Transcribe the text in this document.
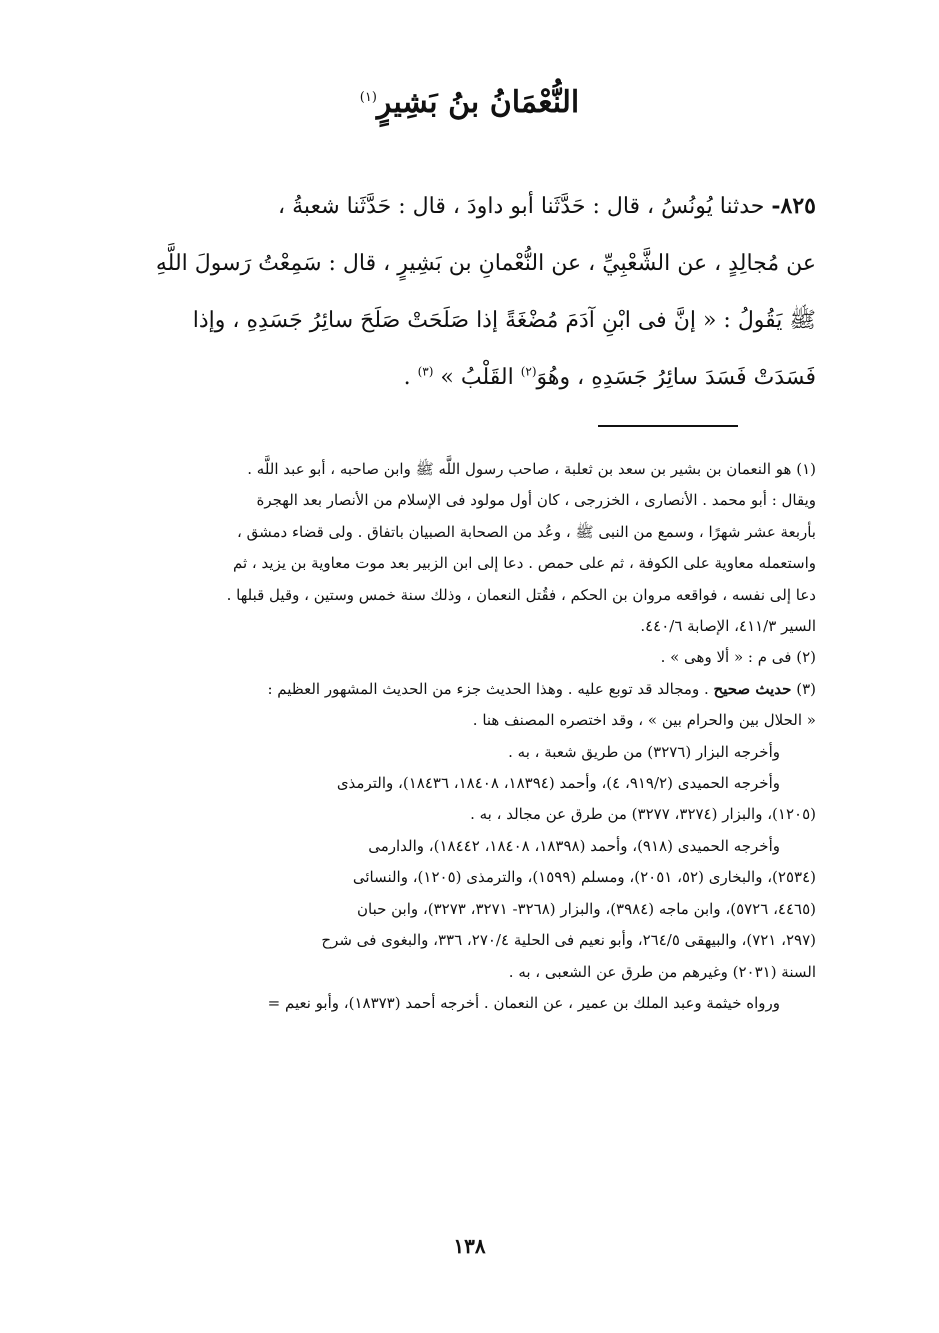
النُّعْمَانُ بنُ بَشِيرٍ$^{(١)}$
٨٢٥- حدثنا يُونُسُ ، قال : حَدَّثَنا أبو داودَ ، قال : حَدَّثَنا شعبةُ ،
عن مُجالِدٍ ، عن الشَّعْبِيِّ ، عن النُّعْمانِ بن بَشِيرٍ ، قال : سَمِعْتُ رَسولَ اللَّهِ
ﷺ يَقُولُ : « إنَّ فى ابْنِ آدَمَ مُضْغَةً إذا صَلَحَتْ صَلَحَ سائِرُ جَسَدِهِ ، وإذا
فَسَدَتْ فَسَدَ سائِرُ جَسَدِهِ ، وهُوَ$^{(٢)}$ القَلْبُ » $^{(٣)}$ .
(١) هو النعمان بن بشير بن سعد بن ثعلبة ، صاحب رسول اللَّه ﷺ وابن صاحبه ، أبو عبد اللَّه .
ويقال : أبو محمد . الأنصارى ، الخزرجى ، كان أول مولود فى الإسلام من الأنصار بعد الهجرة
بأربعة عشر شهرًا ، وسمع من النبى ﷺ ، وعُد من الصحابة الصبيان باتفاق . ولى قضاء دمشق ،
واستعمله معاوية على الكوفة ، ثم على حمص . دعا إلى ابن الزبير بعد موت معاوية بن يزيد ، ثم
دعا إلى نفسه ، فواقعه مروان بن الحكم ، فقُتل النعمان ، وذلك سنة خمس وستين ، وقيل قبلها .
السير ٤١١/٣، الإصابة ٤٤٠/٦.
(٢) فى م : « ألا وهى » .
(٣) حديث صحيح . ومجالد قد توبع عليه . وهذا الحديث جزء من الحديث المشهور العظيم :
« الحلال بين والحرام بين » ، وقد اختصره المصنف هنا .
وأخرجه البزار (٣٢٧٦) من طريق شعبة ، به .
وأخرجه الحميدى (٩١٩/٢، ٤)، وأحمد (١٨٣٩٤، ١٨٤٠٨، ١٨٤٣٦)، والترمذى
(١٢٠٥)، والبزار (٣٢٧٤، ٣٢٧٧) من طرق عن مجالد ، به .
وأخرجه الحميدى (٩١٨)، وأحمد (١٨٣٩٨، ١٨٤٠٨، ١٨٤٤٢)، والدارمى
(٢٥٣٤)، والبخارى (٥٢، ٢٠٥١)، ومسلم (١٥٩٩)، والترمذى (١٢٠٥)، والنسائى
(٤٤٦٥، ٥٧٢٦)، وابن ماجه (٣٩٨٤)، والبزار (٣٢٦٨- ٣٢٧١، ٣٢٧٣)، وابن حبان
(٢٩٧، ٧٢١)، والبيهقى ٢٦٤/٥، وأبو نعيم فى الحلية ٢٧٠/٤، ٣٣٦، والبغوى فى شرح
السنة (٢٠٣١) وغيرهم من طرق عن الشعبى ، به .
ورواه خيثمة وعبد الملك بن عمير ، عن النعمان . أخرجه أحمد (١٨٣٧٣)، وأبو نعيم =
١٣٨
